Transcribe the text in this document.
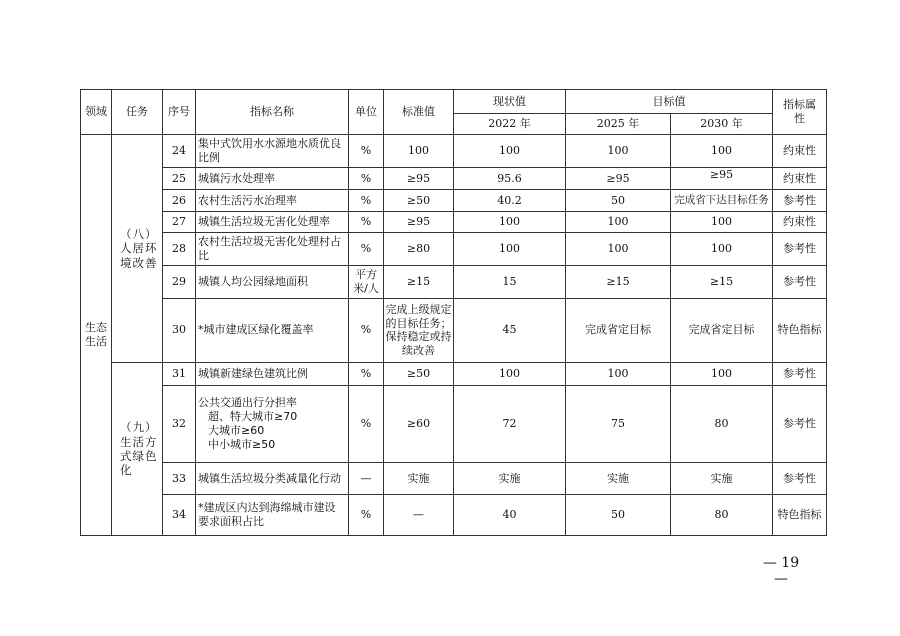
领域	任务	序号	指标名称	单位	标准值	现状值	目标值		指标属性
						2022 年	2025 年	2030 年	
生态生活	（八）人居环境改善	24	集中式饮用水水源地水质优良比例	%	100	100	100	100	约束性
		25	城镇污水处理率	%	≥95	95.6	≥95	≥95	约束性
		26	农村生活污水治理率	%	≥50	40.2	50	完成省下达目标任务	参考性
		27	城镇生活垃圾无害化处理率	%	≥95	100	100	100	约束性
		28	农村生活垃圾无害化处理村占比	%	≥80	100	100	100	参考性
		29	城镇人均公园绿地面积	平方米/人	≥15	15	≥15	≥15	参考性
		30	*城市建成区绿化覆盖率	%	完成上级规定的目标任务；保持稳定或持续改善	45	完成省定目标	完成省定目标	特色指标
	（九）生活方式绿色化	31	城镇新建绿色建筑比例	%	≥50	100	100	100	参考性
		32	公共交通出行分担率
超、特大城市≥70
大城市≥60
中小城市≥50	%	≥60	72	75	80	参考性
		33	城镇生活垃圾分类减量化行动	—	实施	实施	实施	实施	参考性
		34	*建成区内达到海绵城市建设要求面积占比	%	—	40	50	80	特色指标
— 19 —
